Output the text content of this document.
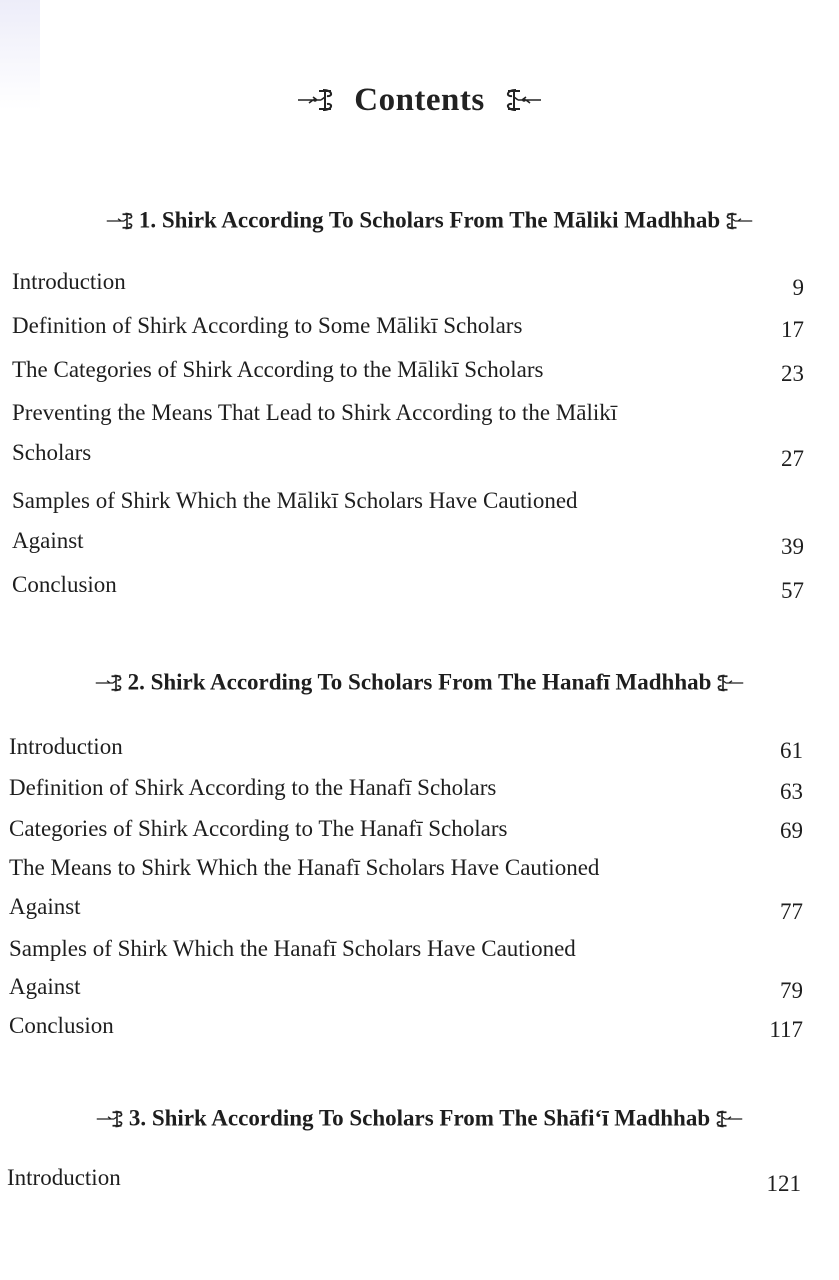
Contents
1. Shirk According To Scholars From The Māliki Madhhab
Introduction	9
Definition of Shirk According to Some Mālikī Scholars	17
The Categories of Shirk According to the Mālikī Scholars	23
Preventing the Means That Lead to Shirk According to the Mālikī
Scholars	27
Samples of Shirk Which the Mālikī Scholars Have Cautioned
Against	39
Conclusion	57
2. Shirk According To Scholars From The Hanafī Madhhab
Introduction	61
Definition of Shirk According to the Hanafī Scholars	63
Categories of Shirk According to The Hanafī Scholars	69
The Means to Shirk Which the Hanafī Scholars Have Cautioned
Against	77
Samples of Shirk Which the Hanafī Scholars Have Cautioned
Against	79
Conclusion	117
3. Shirk According To Scholars From The Shāfi‘ī Madhhab
Introduction	121
